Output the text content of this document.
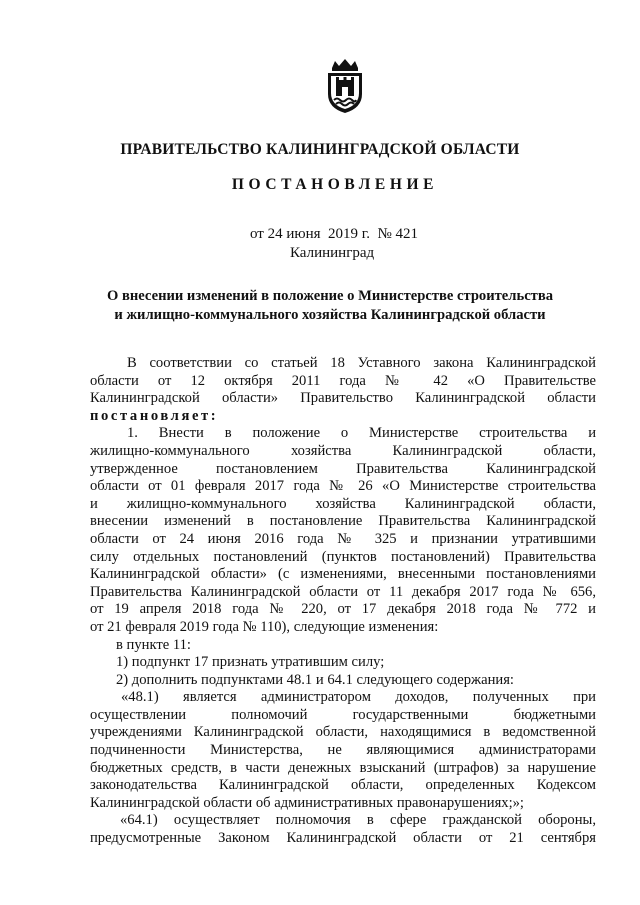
ПРАВИТЕЛЬСТВО КАЛИНИНГРАДСКОЙ ОБЛАСТИ
ПОСТАНОВЛЕНИЕ
от 24 июня  2019 г.  № 421
Калининград
О внесении изменений в положение о Министерстве строительства
и жилищно-коммунального хозяйства Калининградской области
В соответствии со статьей 18 Уставного закона Калининградской
области от 12 октября 2011 года № 42 «О Правительстве
Калининградской области» Правительство Калининградской области
постановляет:
1. Внести в положение о Министерстве строительства и
жилищно-коммунального хозяйства Калининградской области,
утвержденное постановлением Правительства Калининградской
области от 01 февраля 2017 года № 26 «О Министерстве строительства
и жилищно-коммунального хозяйства Калининградской области,
внесении изменений в постановление Правительства Калининградской
области от 24 июня 2016 года № 325 и признании утратившими
силу отдельных постановлений (пунктов постановлений) Правительства
Калининградской области» (с изменениями, внесенными постановлениями
Правительства Калининградской области от 11 декабря 2017 года № 656,
от 19 апреля 2018 года № 220, от 17 декабря 2018 года № 772 и
от 21 февраля 2019 года № 110), следующие изменения:
в пункте 11:
1) подпункт 17 признать утратившим силу;
2) дополнить подпунктами 48.1 и 64.1 следующего содержания:
«48.1) является администратором доходов, полученных при
осуществлении полномочий государственными бюджетными
учреждениями Калининградской области, находящимися в ведомственной
подчиненности Министерства, не являющимися администраторами
бюджетных средств, в части денежных взысканий (штрафов) за нарушение
законодательства Калининградской области, определенных Кодексом
Калининградской области об административных правонарушениях;»;
«64.1) осуществляет полномочия в сфере гражданской обороны,
предусмотренные Законом Калининградской области от 21 сентября
